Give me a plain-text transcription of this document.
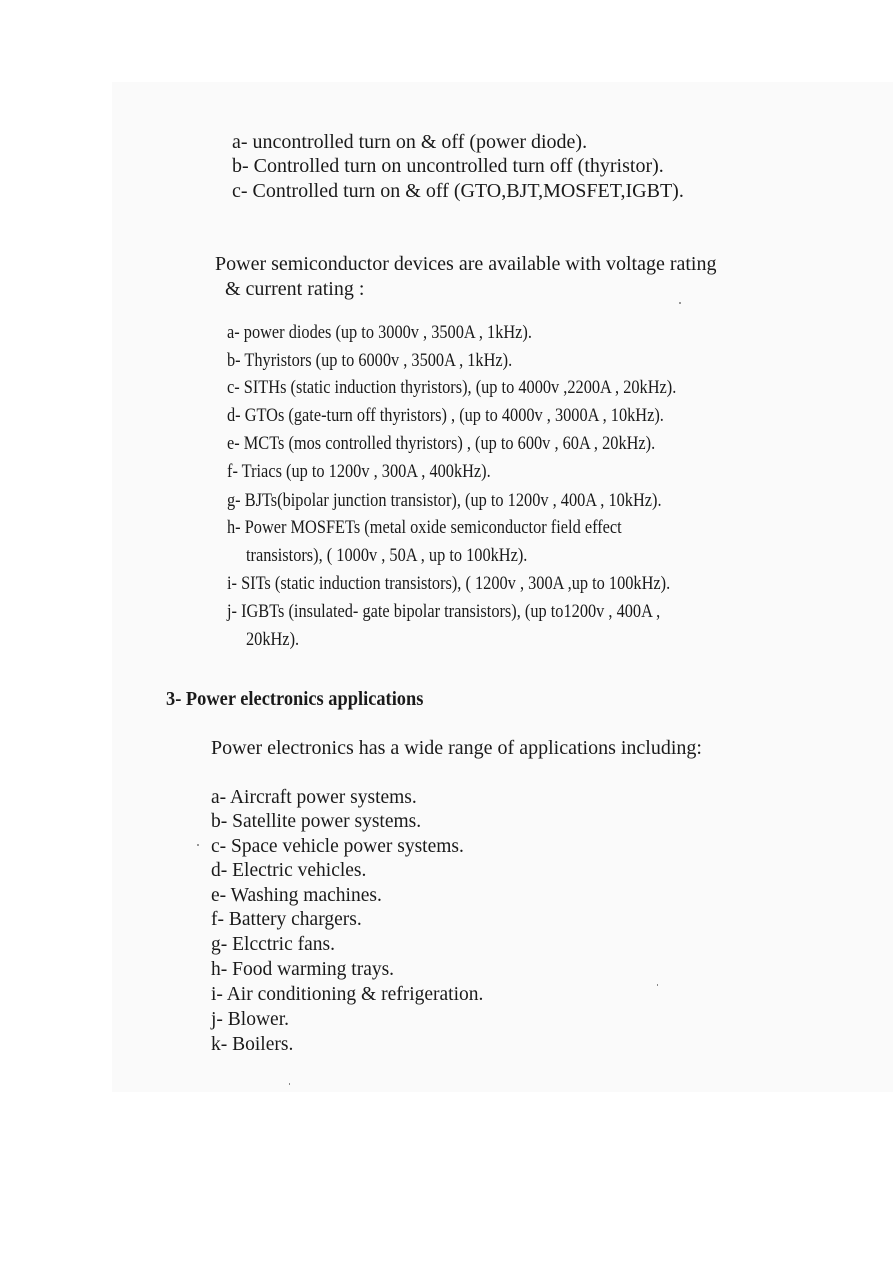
a- uncontrolled turn on & off (power diode).

b- Controlled turn on uncontrolled turn off (thyristor).

c- Controlled turn on & off (GTO,BJT,MOSFET,IGBT).

Power semiconductor devices are available with voltage rating

& current rating :

a- power diodes (up to 3000v , 3500A , 1kHz).

b- Thyristors (up to 6000v , 3500A , 1kHz).

c- SITHs (static induction thyristors), (up to 4000v ,2200A , 20kHz).

d- GTOs (gate-turn off thyristors) , (up to 4000v , 3000A , 10kHz).

e- MCTs (mos controlled thyristors) , (up to 600v , 60A , 20kHz).

f- Triacs (up to 1200v , 300A , 400kHz).

g- BJTs(bipolar junction transistor), (up to 1200v , 400A , 10kHz).

h- Power MOSFETs (metal oxide semiconductor field effect

transistors), ( 1000v , 50A , up to 100kHz).

i- SITs (static induction transistors), ( 1200v , 300A ,up to 100kHz).

j- IGBTs (insulated- gate bipolar transistors), (up to1200v , 400A ,

20kHz).

3- Power electronics applications

Power electronics has a wide range of applications including:

a- Aircraft power systems.

b- Satellite power systems.

c- Space vehicle power systems.

d- Electric vehicles.

e- Washing machines.

f- Battery chargers.

g- Elcctric fans.

h- Food warming trays.

i- Air conditioning & refrigeration.

j- Blower.

k- Boilers.
